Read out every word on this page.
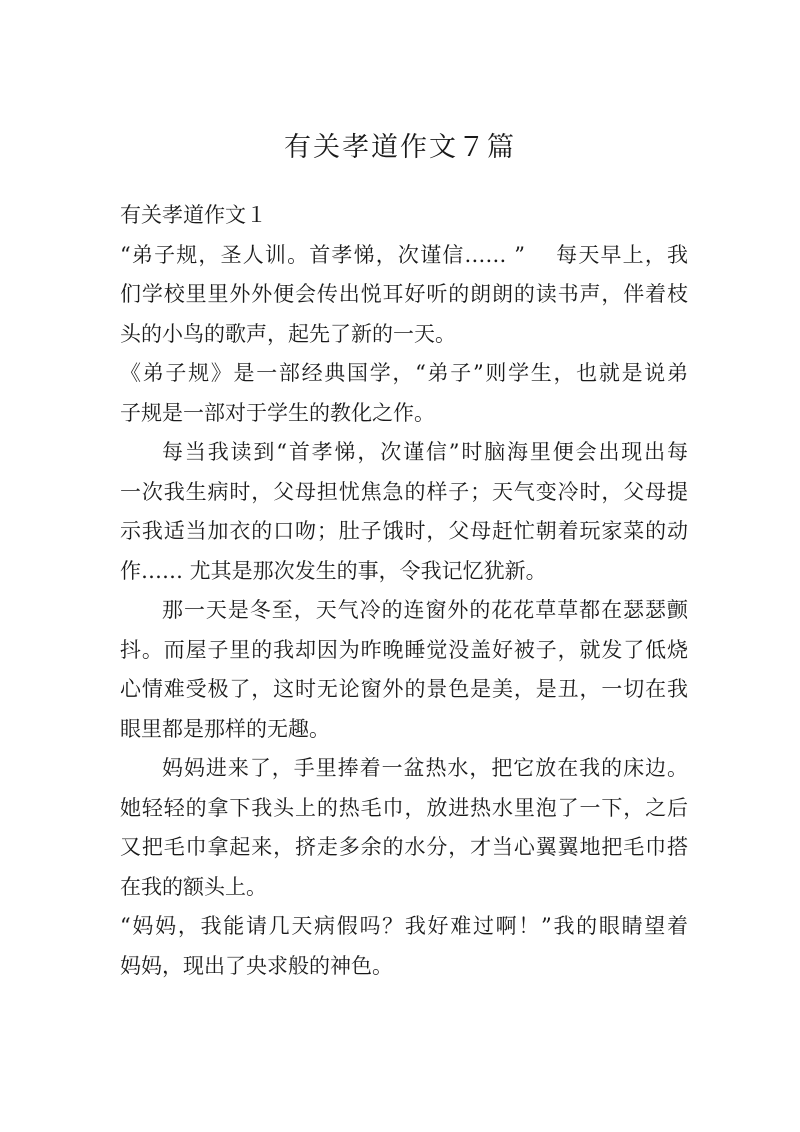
有关孝道作文７篇
有关孝道作文１
“弟子规，圣人训。首孝悌，次谨信…… ”　 每天早上，我
们学校里里外外便会传出悦耳好听的朗朗的读书声，伴着枝
头的小鸟的歌声，起先了新的一天。
《弟子规》是一部经典国学，“弟子”则学生，也就是说弟
子规是一部对于学生的教化之作。
每当我读到“首孝悌，次谨信”时脑海里便会出现出每
一次我生病时，父母担忧焦急的样子；天气变冷时，父母提
示我适当加衣的口吻；肚子饿时，父母赶忙朝着玩家菜的动
作…… 尤其是那次发生的事，令我记忆犹新。
那一天是冬至，天气冷的连窗外的花花草草都在瑟瑟颤
抖。而屋子里的我却因为昨晚睡觉没盖好被子，就发了低烧
心情难受极了，这时无论窗外的景色是美，是丑，一切在我
眼里都是那样的无趣。
妈妈进来了，手里捧着一盆热水，把它放在我的床边。
她轻轻的拿下我头上的热毛巾，放进热水里泡了一下，之后
又把毛巾拿起来，挤走多余的水分，才当心翼翼地把毛巾搭
在我的额头上。
“妈妈，我能请几天病假吗？我好难过啊！”我的眼睛望着
妈妈，现出了央求般的神色。
